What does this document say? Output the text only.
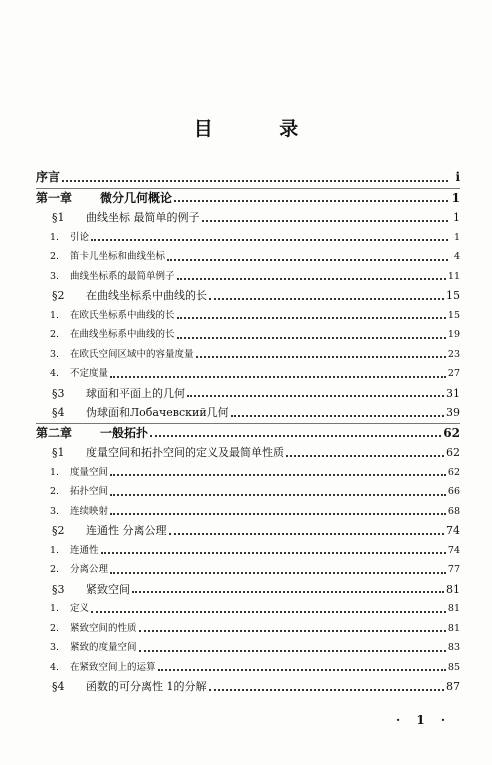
目 录
序言	i
第一章	微分几何概论	1
§1	曲线坐标 最简单的例子	1
1.	引论	1
2.	笛卡儿坐标和曲线坐标	4
3.	曲线坐标系的最简单例子	11
§2	在曲线坐标系中曲线的长	15
1.	在欧氏坐标系中曲线的长	15
2.	在曲线坐标系中曲线的长	19
3.	在欧氏空间区域中的容量度量	23
4.	不定度量	27
§3	球面和平面上的几何	31
§4	伪球面和Лобачевский几何	39
第二章	一般拓扑	62
§1	度量空间和拓扑空间的定义及最简单性质	62
1.	度量空间	62
2.	拓扑空间	66
3.	连续映射	68
§2	连通性 分离公理	74
1.	连通性	74
2.	分离公理	77
§3	紧致空间	81
1.	定义	81
2.	紧致空间的性质	81
3.	紧致的度量空间	83
4.	在紧致空间上的运算	85
§4	函数的可分离性 1的分解	87
· 1 ·
